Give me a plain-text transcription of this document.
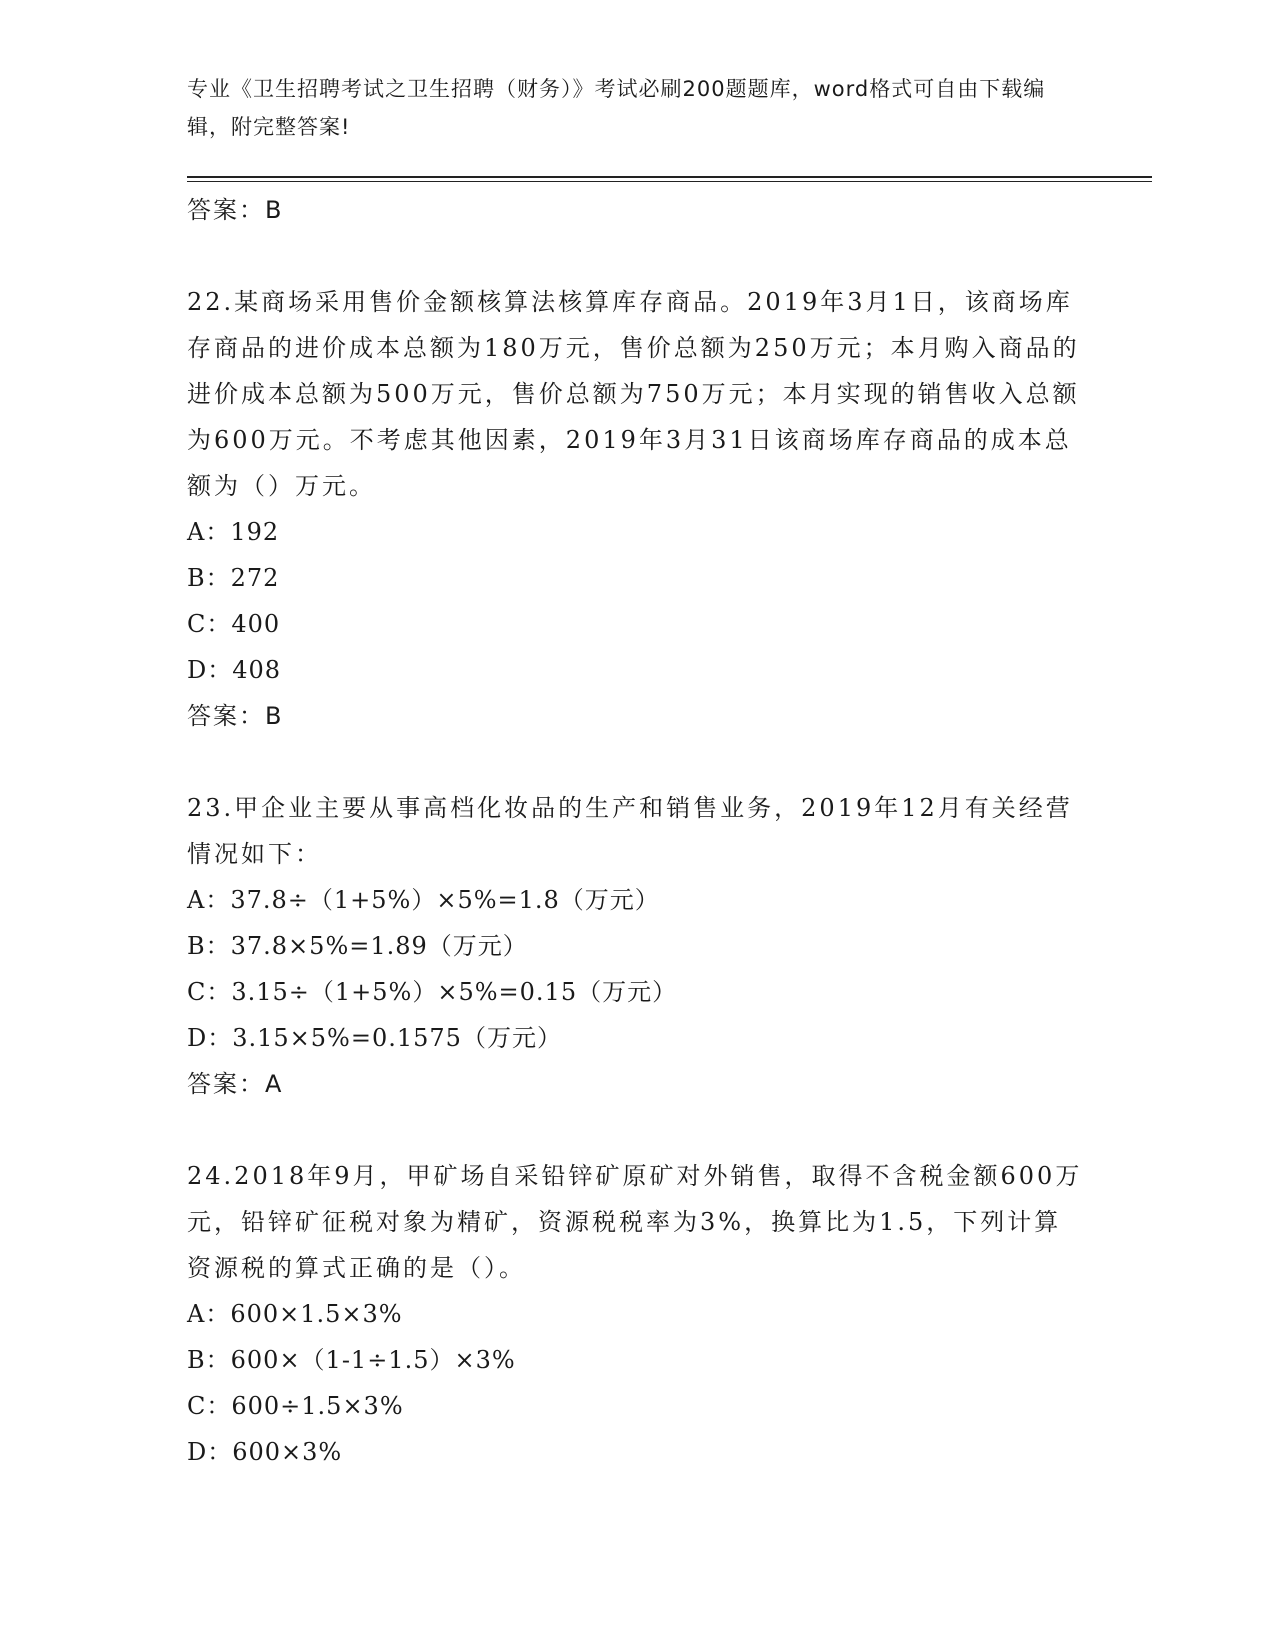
专业《卫生招聘考试之卫生招聘（财务）》考试必刷200题题库，word格式可自由下载编辑，附完整答案!
答案：B

22.某商场采用售价金额核算法核算库存商品。2019年3月1日，该商场库存商品的进价成本总额为180万元，售价总额为250万元；本月购入商品的进价成本总额为500万元，售价总额为750万元；本月实现的销售收入总额为600万元。不考虑其他因素，2019年3月31日该商场库存商品的成本总额为（）万元。

A：192
B：272
C：400
D：408
答案：B

23.甲企业主要从事高档化妆品的生产和销售业务，2019年12月有关经营情况如下：

A：37.8÷（1+5%）×5%=1.8（万元）
B：37.8×5%=1.89（万元）
C：3.15÷（1+5%）×5%=0.15（万元）
D：3.15×5%=0.1575（万元）
答案：A

24.2018年9月，甲矿场自采铅锌矿原矿对外销售，取得不含税金额600万元，铅锌矿征税对象为精矿，资源税税率为3%，换算比为1.5，下列计算资源税的算式正确的是（）。

A：600×1.5×3%
B：600×（1-1÷1.5）×3%
C：600÷1.5×3%
D：600×3%
